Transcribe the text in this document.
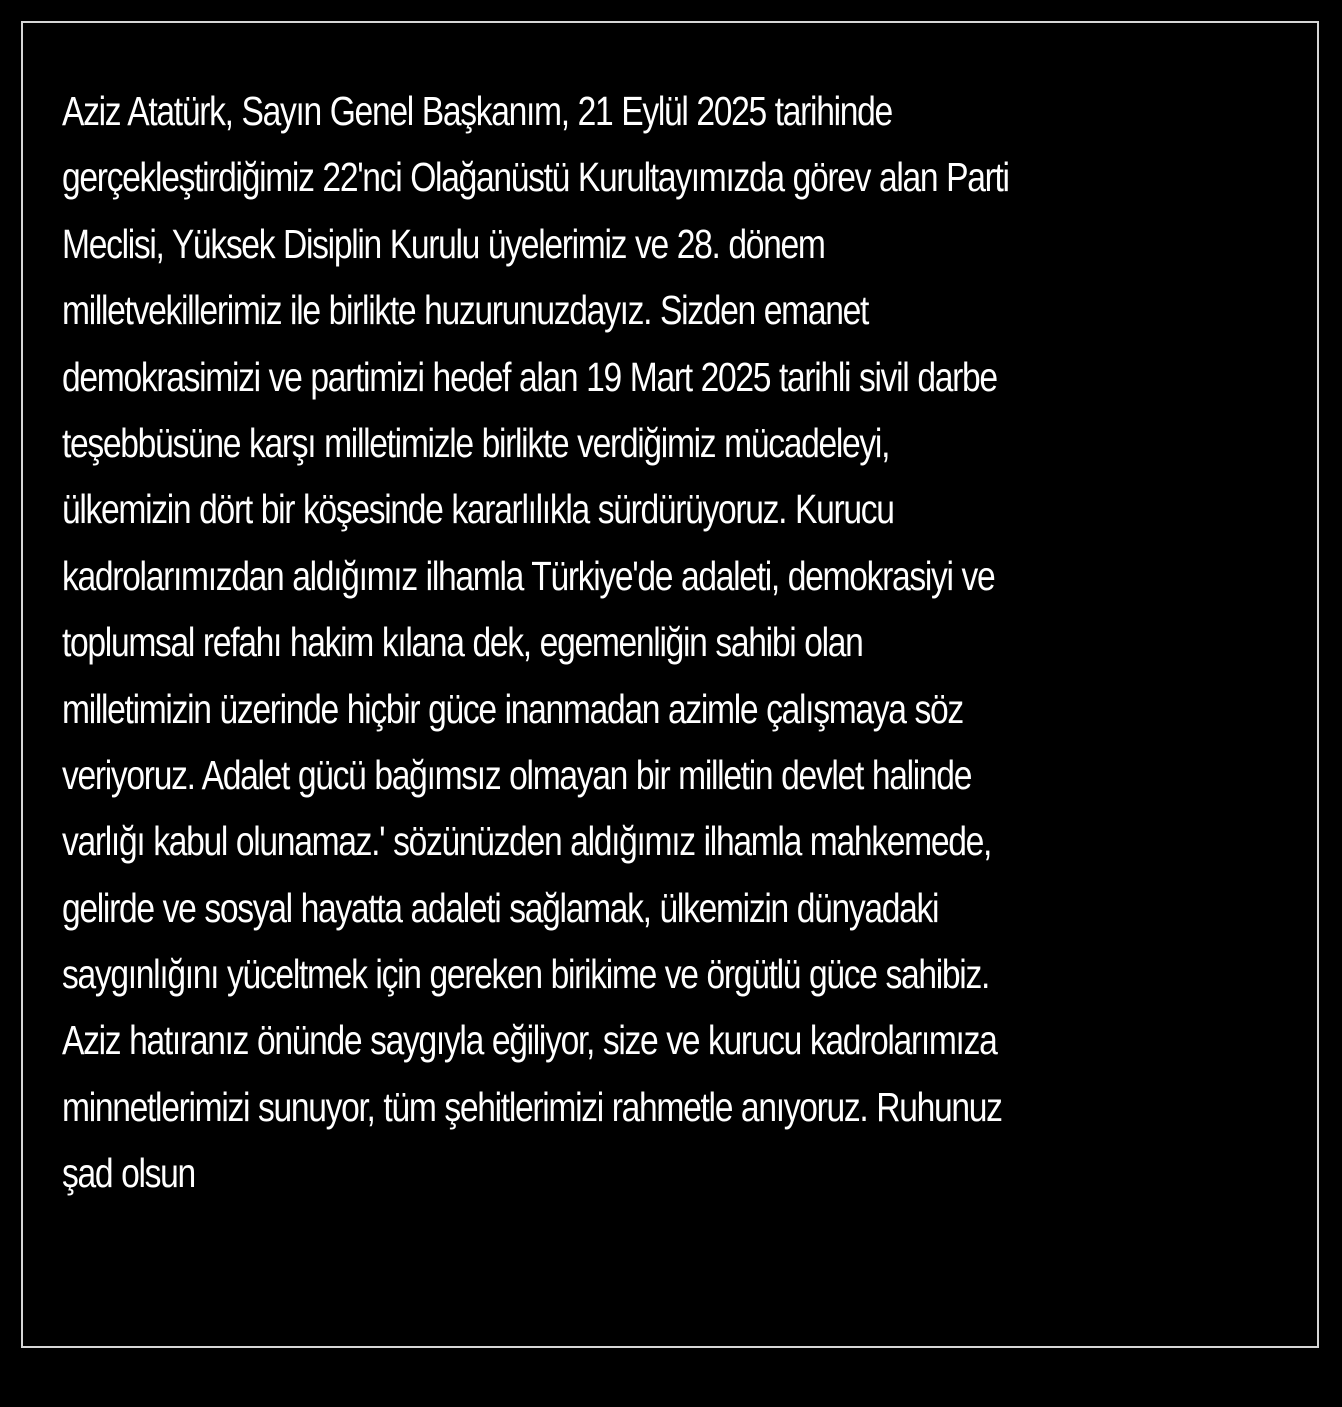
Aziz Atatürk, Sayın Genel Başkanım, 21 Eylül 2025 tarihinde
gerçekleştirdiğimiz 22'nci Olağanüstü Kurultayımızda görev alan Parti
Meclisi, Yüksek Disiplin Kurulu üyelerimiz ve 28. dönem
milletvekillerimiz ile birlikte huzurunuzdayız. Sizden emanet
demokrasimizi ve partimizi hedef alan 19 Mart 2025 tarihli sivil darbe
teşebbüsüne karşı milletimizle birlikte verdiğimiz mücadeleyi,
ülkemizin dört bir köşesinde kararlılıkla sürdürüyoruz. Kurucu
kadrolarımızdan aldığımız ilhamla Türkiye'de adaleti, demokrasiyi ve
toplumsal refahı hakim kılana dek, egemenliğin sahibi olan
milletimizin üzerinde hiçbir güce inanmadan azimle çalışmaya söz
veriyoruz. Adalet gücü bağımsız olmayan bir milletin devlet halinde
varlığı kabul olunamaz.' sözünüzden aldığımız ilhamla mahkemede,
gelirde ve sosyal hayatta adaleti sağlamak, ülkemizin dünyadaki
saygınlığını yüceltmek için gereken birikime ve örgütlü güce sahibiz.
Aziz hatıranız önünde saygıyla eğiliyor, size ve kurucu kadrolarımıza
minnetlerimizi sunuyor, tüm şehitlerimizi rahmetle anıyoruz. Ruhunuz
şad olsun
